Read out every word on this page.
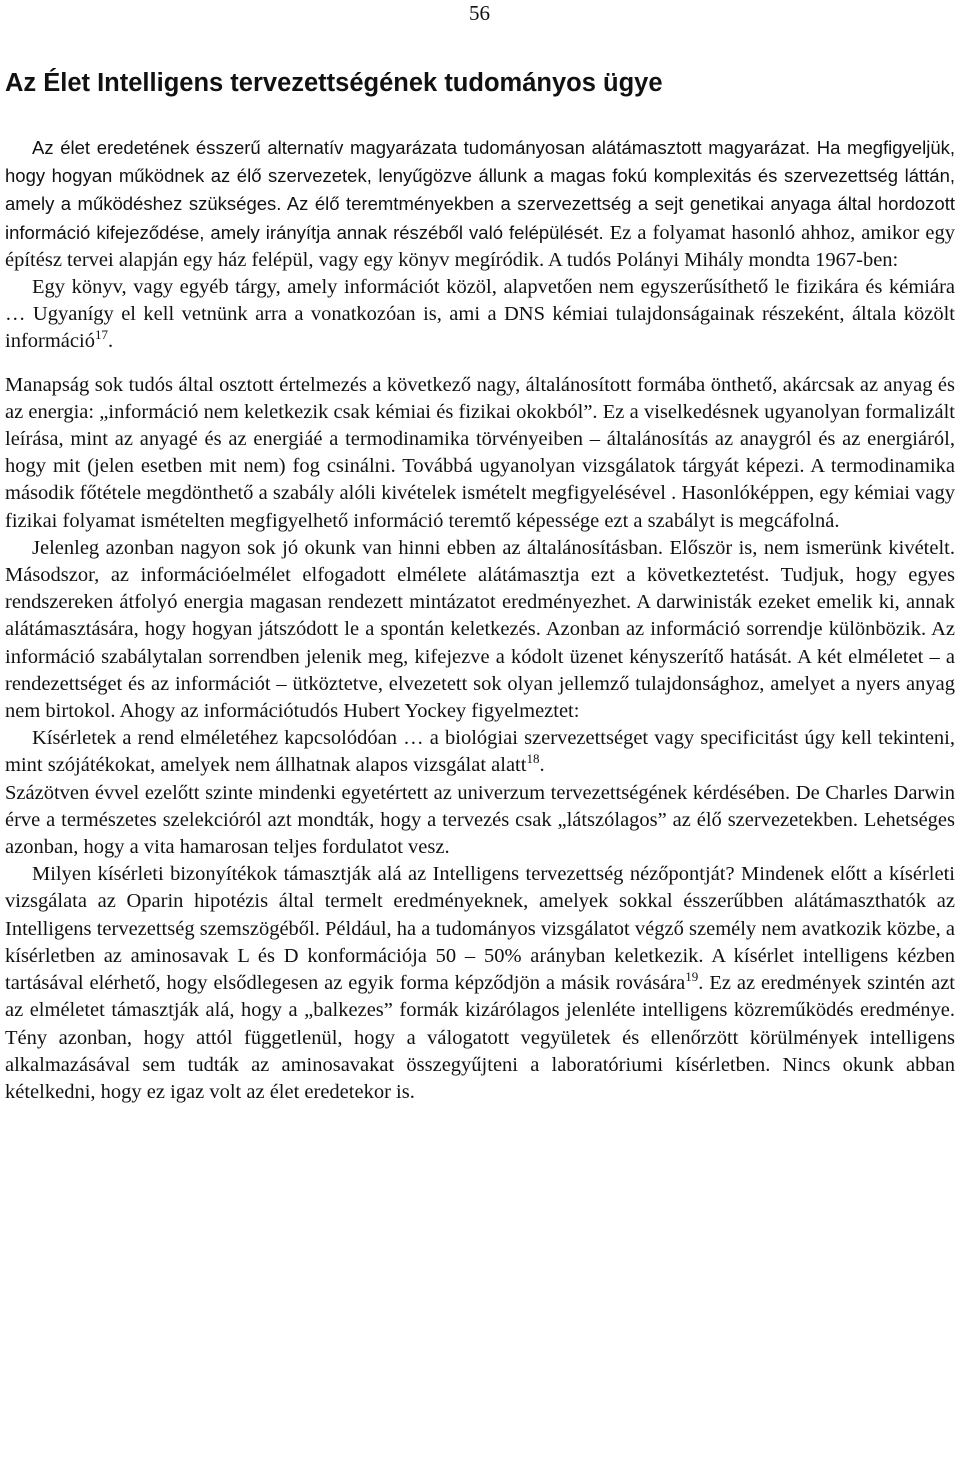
56
Az Élet Intelligens tervezettségének tudományos ügye

Az élet eredetének ésszerű alternatív magyarázata tudományosan alátámasztott magyarázat. Ha megfigyeljük, hogy hogyan működnek az élő szervezetek, lenyűgözve állunk a magas fokú komplexitás és szervezettség láttán, amely a működéshez szükséges. Az élő teremtményekben a szervezettség a sejt genetikai anyaga által hordozott információ kifejeződése, amely irányítja annak részéből való felépülését. Ez a folyamat hasonló ahhoz, amikor egy építész tervei alapján egy ház felépül, vagy egy könyv megíródik. A tudós Polányi Mihály mondta 1967-ben:

Egy könyv, vagy egyéb tárgy, amely információt közöl, alapvetően nem egyszerűsíthető le fizikára és kémiára … Ugyanígy el kell vetnünk arra a vonatkozóan is, ami a DNS kémiai tulajdonságainak részeként, általa közölt információ$^{17}$.

Manapság sok tudós által osztott értelmezés a következő nagy, általánosított formába önthető, akárcsak az anyag és az energia: „információ nem keletkezik csak kémiai és fizikai okokból”. Ez a viselkedésnek ugyanolyan formalizált leírása, mint az anyagé és az energiáé a termodinamika törvényeiben – általánosítás az anaygról és az energiáról, hogy mit (jelen esetben mit nem) fog csinálni. Továbbá ugyanolyan vizsgálatok tárgyát képezi. A termodinamika második főtétele megdönthető a szabály alóli kivételek ismételt megfigyelésével . Hasonlóképpen, egy kémiai vagy fizikai folyamat ismételten megfigyelhető információ teremtő képessége ezt a szabályt is megcáfolná.

Jelenleg azonban nagyon sok jó okunk van hinni ebben az általánosításban. Először is, nem ismerünk kivételt. Másodszor, az információelmélet elfogadott elmélete alátámasztja ezt a következtetést. Tudjuk, hogy egyes rendszereken átfolyó energia magasan rendezett mintázatot eredményezhet. A darwinisták ezeket emelik ki, annak alátámasztására, hogy hogyan játszódott le a spontán keletkezés. Azonban az információ sorrendje különbözik. Az információ szabálytalan sorrendben jelenik meg, kifejezve a kódolt üzenet kényszerítő hatását. A két elméletet – a rendezettséget és az információt – ütköztetve, elvezetett sok olyan jellemző tulajdonsághoz, amelyet a nyers anyag nem birtokol. Ahogy az információtudós Hubert Yockey figyelmeztet:

Kísérletek a rend elméletéhez kapcsolódóan … a biológiai szervezettséget vagy specificitást úgy kell tekinteni, mint szójátékokat, amelyek nem állhatnak alapos vizsgálat alatt$^{18}$.

Százötven évvel ezelőtt szinte mindenki egyetértett az univerzum tervezettségének kérdésében. De Charles Darwin érve a természetes szelekcióról azt mondták, hogy a tervezés csak „látszólagos” az élő szervezetekben. Lehetséges azonban, hogy a vita hamarosan teljes fordulatot vesz.

Milyen kísérleti bizonyítékok támasztják alá az Intelligens tervezettség nézőpontját? Mindenek előtt a kísérleti vizsgálata az Oparin hipotézis által termelt eredményeknek, amelyek sokkal ésszerűbben alátámaszthatók az Intelligens tervezettség szemszögéből. Például, ha a tudományos vizsgálatot végző személy nem avatkozik közbe, a kísérletben az aminosavak L és D konformációja 50 – 50% arányban keletkezik. A kísérlet intelligens kézben tartásával elérhető, hogy elsődlegesen az egyik forma képződjön a másik rovására$^{19}$. Ez az eredmények szintén azt az elméletet támasztják alá, hogy a „balkezes” formák kizárólagos jelenléte intelligens közreműködés eredménye. Tény azonban, hogy attól függetlenül, hogy a válogatott vegyületek és ellenőrzött körülmények intelligens alkalmazásával sem tudták az aminosavakat összegyűjteni a laboratóriumi kísérletben. Nincs okunk abban kételkedni, hogy ez igaz volt az élet eredetekor is.
